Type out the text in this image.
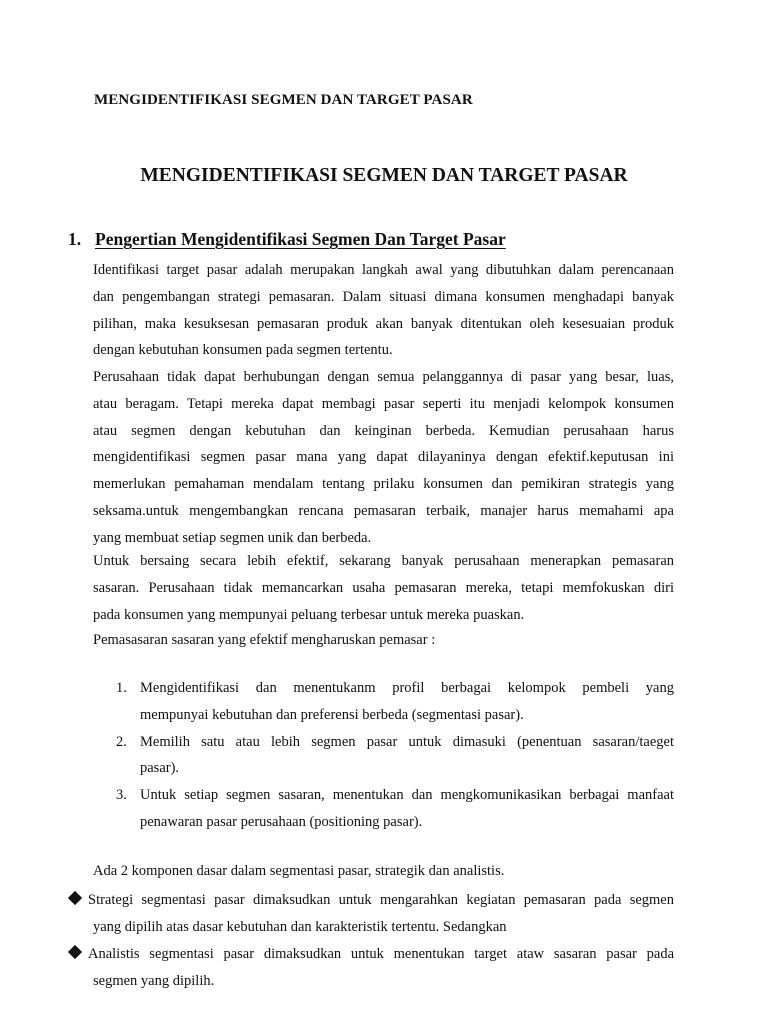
MENGIDENTIFIKASI SEGMEN DAN TARGET PASAR
MENGIDENTIFIKASI SEGMEN DAN TARGET PASAR
1. Pengertian Mengidentifikasi Segmen Dan Target Pasar
Identifikasi target pasar adalah merupakan langkah awal yang dibutuhkan dalam perencanaan
dan pengembangan strategi pemasaran. Dalam situasi dimana konsumen menghadapi banyak
pilihan, maka kesuksesan pemasaran produk akan banyak ditentukan oleh kesesuaian produk
dengan kebutuhan konsumen pada segmen tertentu.
Perusahaan tidak dapat berhubungan dengan semua pelanggannya di pasar yang besar, luas,
atau beragam. Tetapi mereka dapat membagi pasar seperti itu menjadi kelompok konsumen
atau segmen dengan kebutuhan dan keinginan berbeda. Kemudian perusahaan harus
mengidentifikasi segmen pasar mana yang dapat dilayaninya dengan efektif.keputusan ini
memerlukan pemahaman mendalam tentang prilaku konsumen dan pemikiran strategis yang
seksama.untuk mengembangkan rencana pemasaran terbaik, manajer harus memahami apa
yang membuat setiap segmen unik dan berbeda.
Untuk bersaing secara lebih efektif, sekarang banyak perusahaan menerapkan pemasaran
sasaran. Perusahaan tidak memancarkan usaha pemasaran mereka, tetapi memfokuskan diri
pada konsumen yang mempunyai peluang terbesar untuk mereka puaskan.
Pemasasaran sasaran yang efektif mengharuskan pemasar :
1. Mengidentifikasi dan menentukanm profil berbagai kelompok pembeli yang
mempunyai kebutuhan dan preferensi berbeda (segmentasi pasar).
2. Memilih satu atau lebih segmen pasar untuk dimasuki (penentuan sasaran/taeget
pasar).
3. Untuk setiap segmen sasaran, menentukan dan mengkomunikasikan berbagai manfaat
penawaran pasar perusahaan (positioning pasar).
Ada 2 komponen dasar dalam segmentasi pasar, strategik dan analistis.
Strategi segmentasi pasar dimaksudkan untuk mengarahkan kegiatan pemasaran pada segmen
yang dipilih atas dasar kebutuhan dan karakteristik tertentu. Sedangkan
Analistis segmentasi pasar dimaksudkan untuk menentukan target ataw sasaran pasar pada
segmen yang dipilih.
